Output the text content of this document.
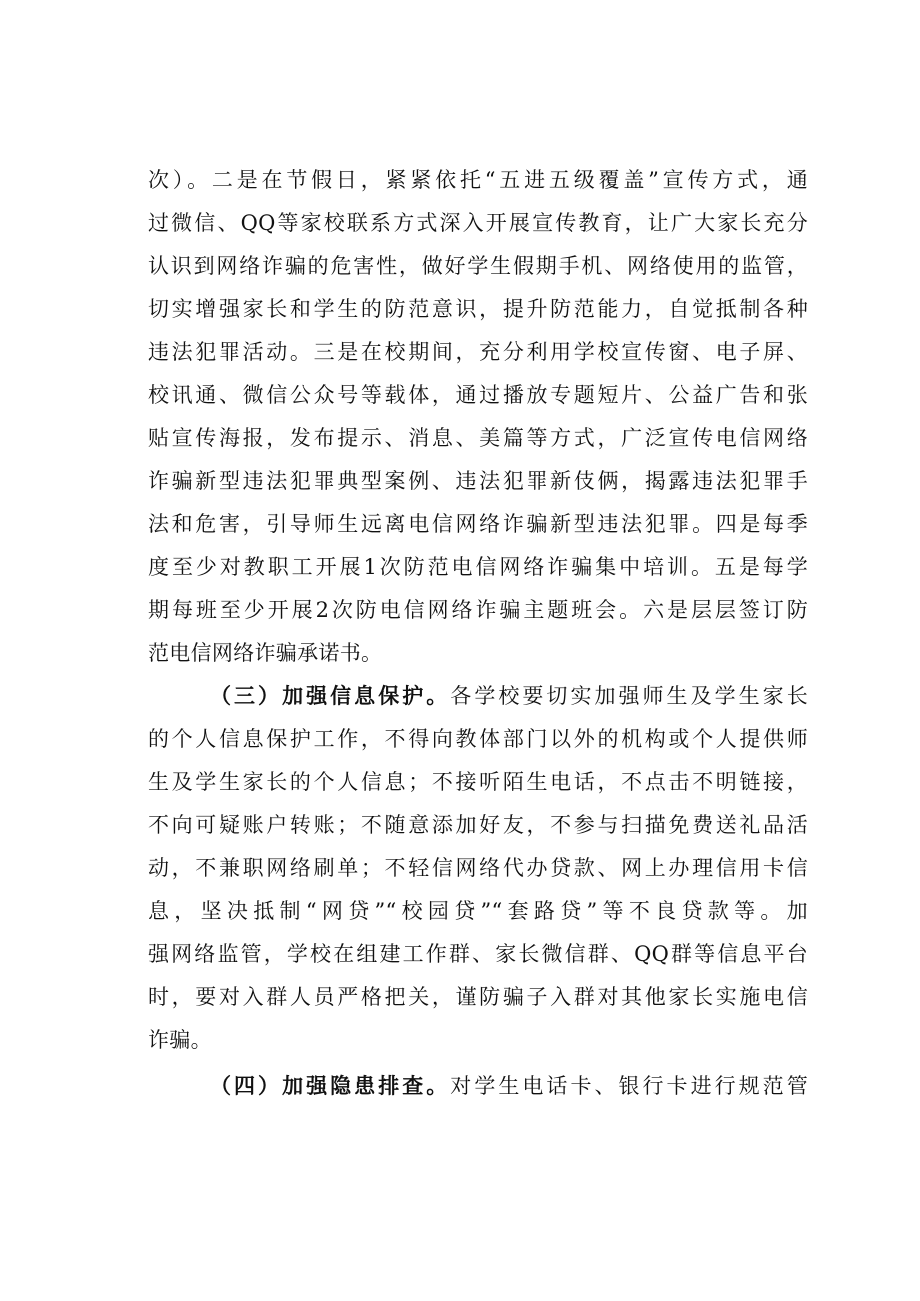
次）。二是在节假日，紧紧依托“五进五级覆盖”宣传方式，通
过微信、QQ等家校联系方式深入开展宣传教育，让广大家长充分
认识到网络诈骗的危害性，做好学生假期手机、网络使用的监管，
切实增强家长和学生的防范意识，提升防范能力，自觉抵制各种
违法犯罪活动。三是在校期间，充分利用学校宣传窗、电子屏、
校讯通、微信公众号等载体，通过播放专题短片、公益广告和张
贴宣传海报，发布提示、消息、美篇等方式，广泛宣传电信网络
诈骗新型违法犯罪典型案例、违法犯罪新伎俩，揭露违法犯罪手
法和危害，引导师生远离电信网络诈骗新型违法犯罪。四是每季
度至少对教职工开展1次防范电信网络诈骗集中培训。五是每学
期每班至少开展2次防电信网络诈骗主题班会。六是层层签订防
范电信网络诈骗承诺书。
（三）加强信息保护。各学校要切实加强师生及学生家长
的个人信息保护工作，不得向教体部门以外的机构或个人提供师
生及学生家长的个人信息；不接听陌生电话，不点击不明链接，
不向可疑账户转账；不随意添加好友，不参与扫描免费送礼品活
动，不兼职网络刷单；不轻信网络代办贷款、网上办理信用卡信
息，坚决抵制“网贷”“校园贷”“套路贷”等不良贷款等。加
强网络监管，学校在组建工作群、家长微信群、QQ群等信息平台
时，要对入群人员严格把关，谨防骗子入群对其他家长实施电信
诈骗。
（四）加强隐患排查。对学生电话卡、银行卡进行规范管
